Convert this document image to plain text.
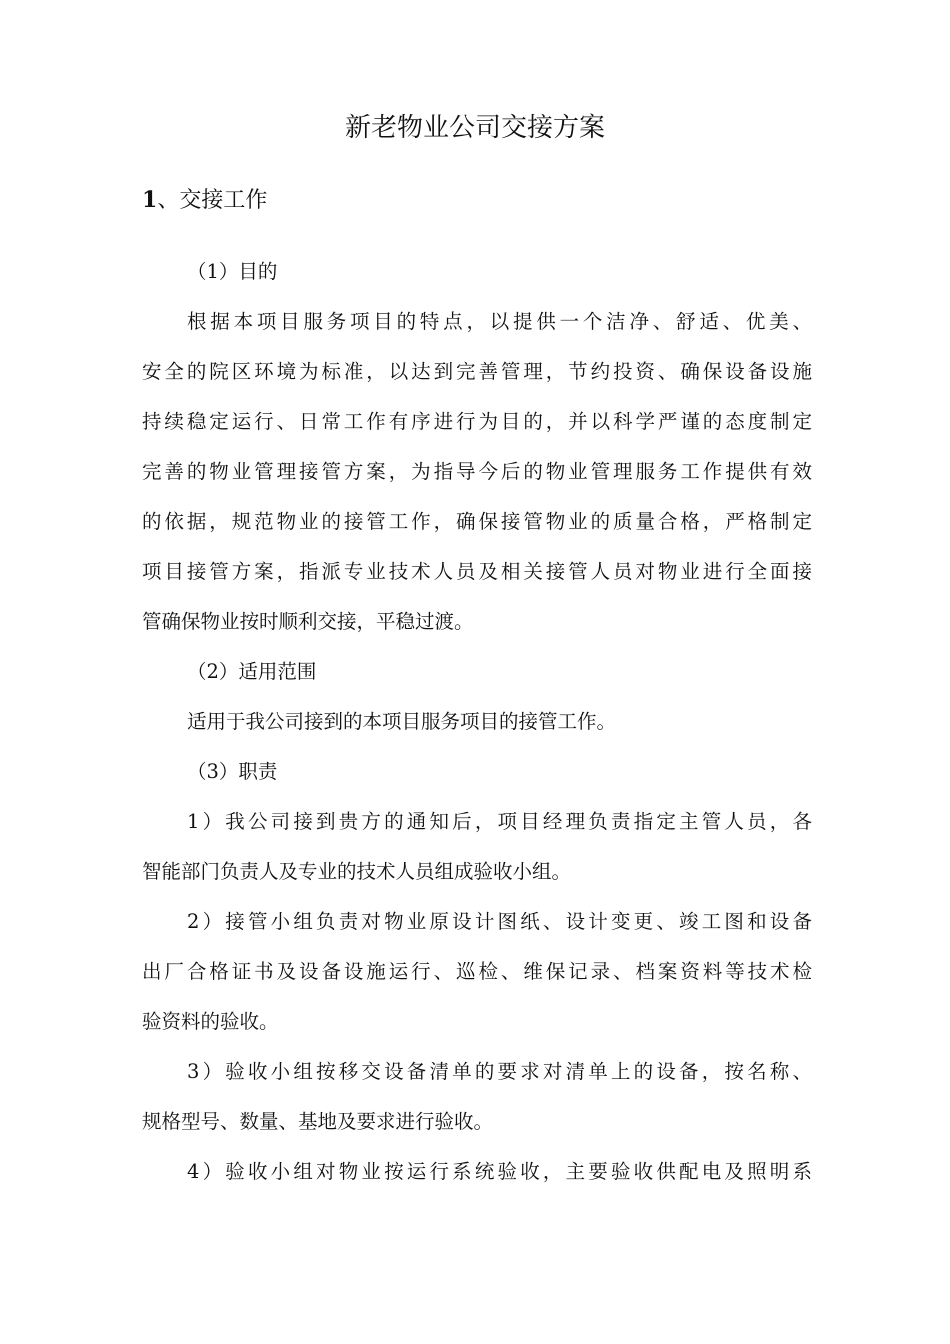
新老物业公司交接方案
1、交接工作
（1）目的
根据本项目服务项目的特点，以提供一个洁净、舒适、优美、
安全的院区环境为标准，以达到完善管理，节约投资、确保设备设施
持续稳定运行、日常工作有序进行为目的，并以科学严谨的态度制定
完善的物业管理接管方案，为指导今后的物业管理服务工作提供有效
的依据，规范物业的接管工作，确保接管物业的质量合格，严格制定
项目接管方案，指派专业技术人员及相关接管人员对物业进行全面接
管确保物业按时顺利交接，平稳过渡。
（2）适用范围
适用于我公司接到的本项目服务项目的接管工作。
（3）职责
1）我公司接到贵方的通知后，项目经理负责指定主管人员，各
智能部门负责人及专业的技术人员组成验收小组。
2）接管小组负责对物业原设计图纸、设计变更、竣工图和设备
出厂合格证书及设备设施运行、巡检、维保记录、档案资料等技术检
验资料的验收。
3）验收小组按移交设备清单的要求对清单上的设备，按名称、
规格型号、数量、基地及要求进行验收。
4）验收小组对物业按运行系统验收，主要验收供配电及照明系
